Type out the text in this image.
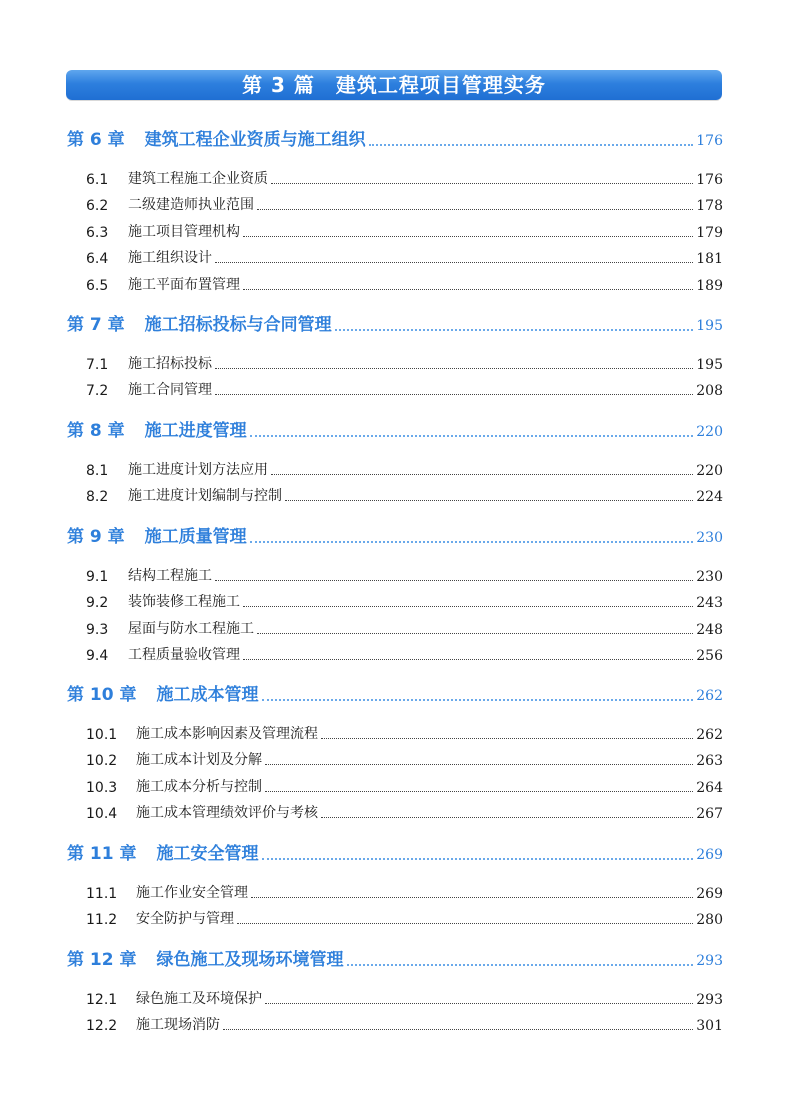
第 3 篇　建筑工程项目管理实务
第 6 章 建筑工程企业资质与施工组织	176
6.1	建筑工程施工企业资质	176
6.2	二级建造师执业范围	178
6.3	施工项目管理机构	179
6.4	施工组织设计	181
6.5	施工平面布置管理	189
第 7 章 施工招标投标与合同管理	195
7.1	施工招标投标	195
7.2	施工合同管理	208
第 8 章 施工进度管理	220
8.1	施工进度计划方法应用	220
8.2	施工进度计划编制与控制	224
第 9 章 施工质量管理	230
9.1	结构工程施工	230
9.2	装饰装修工程施工	243
9.3	屋面与防水工程施工	248
9.4	工程质量验收管理	256
第 10 章 施工成本管理	262
10.1	施工成本影响因素及管理流程	262
10.2	施工成本计划及分解	263
10.3	施工成本分析与控制	264
10.4	施工成本管理绩效评价与考核	267
第 11 章 施工安全管理	269
11.1	施工作业安全管理	269
11.2	安全防护与管理	280
第 12 章 绿色施工及现场环境管理	293
12.1	绿色施工及环境保护	293
12.2	施工现场消防	301
